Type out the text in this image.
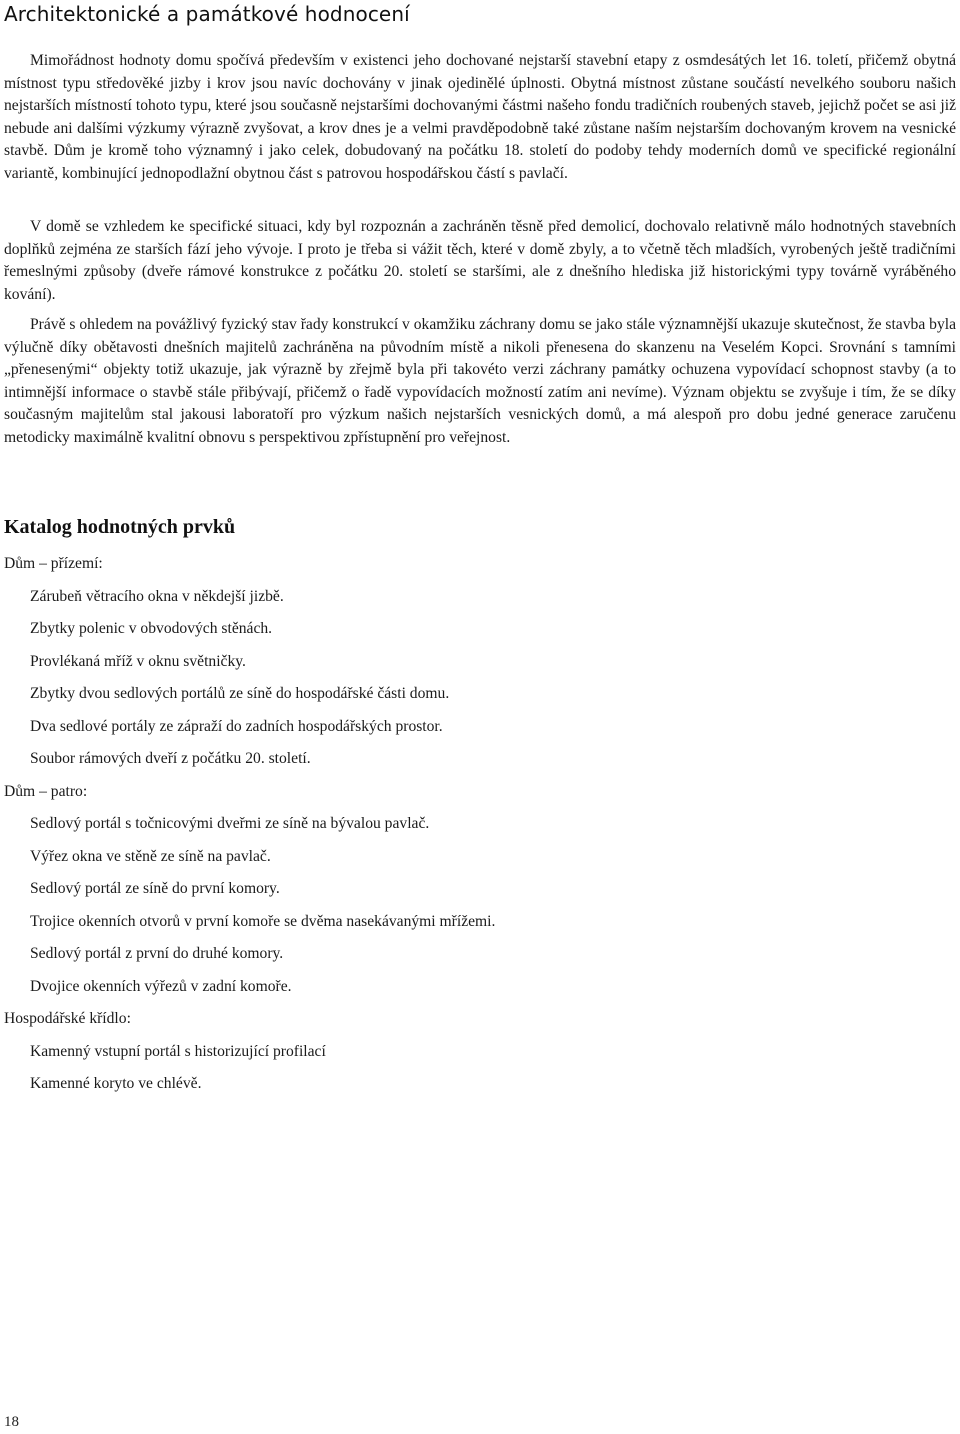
Architektonické a památkové hodnocení

Mimořádnost hodnoty domu spočívá především v existenci jeho dochované nejstarší stavební etapy z osmdesátých let 16. toletí, přičemž obytná místnost typu středověké jizby i krov jsou navíc dochovány v jinak ojedinělé úplnosti. Obytná místnost zůstane součástí nevelkého souboru našich nejstarších místností tohoto typu, které jsou současně nejstaršími dochovanými částmi našeho fondu tradičních roubených staveb, jejichž počet se asi již nebude ani dalšími výzkumy výrazně zvyšovat, a krov dnes je a velmi pravděpodobně také zůstane naším nejstarším dochovaným krovem na vesnické stavbě. Dům je kromě toho významný i jako celek, dobudovaný na počátku 18. století do podoby tehdy moderních domů ve specifické regionální variantě, kombinující jednopodlažní obytnou část s patrovou hospodářskou částí s pavlačí.

V domě se vzhledem ke specifické situaci, kdy byl rozpoznán a zachráněn těsně před demolicí, dochovalo relativně málo hodnotných stavebních doplňků zejména ze starších fází jeho vývoje. I proto je třeba si vážit těch, které v domě zbyly, a to včetně těch mladších, vyrobených ještě tradičními řemeslnými způsoby (dveře rámové konstrukce z počátku 20. století se staršími, ale z dnešního hlediska již historickými typy továrně vyráběného kování).

Právě s ohledem na povážlivý fyzický stav řady konstrukcí v okamžiku záchrany domu se jako stále významnější ukazuje skutečnost, že stavba byla výlučně díky obětavosti dnešních majitelů zachráněna na původním místě a nikoli přenesena do skanzenu na Veselém Kopci. Srovnání s tamními „přenesenými“ objekty totiž ukazuje, jak výrazně by zřejmě byla při takovéto verzi záchrany památky ochuzena vypovídací schopnost stavby (a to intimnější informace o stavbě stále přibývají, přičemž o řadě vypovídacích možností zatím ani nevíme). Význam objektu se zvyšuje i tím, že se díky současným majitelům stal jakousi laboratoří pro výzkum našich nejstarších vesnických domů, a má alespoň pro dobu jedné generace zaručenu metodicky maximálně kvalitní obnovu s perspektivou zpřístupnění pro veřejnost.

Katalog hodnotných prvků
Dům – přízemí:
Zárubeň větracího okna v někdejší jizbě.
Zbytky polenic v obvodových stěnách.
Provlékaná mříž v oknu světničky.
Zbytky dvou sedlových portálů ze síně do hospodářské části domu.
Dva sedlové portály ze zápraží do zadních hospodářských prostor.
Soubor rámových dveří z počátku 20. století.
Dům – patro:
Sedlový portál s točnicovými dveřmi ze síně na bývalou pavlač.
Výřez okna ve stěně ze síně na pavlač.
Sedlový portál ze síně do první komory.
Trojice okenních otvorů v první komoře se dvěma nasekávanými mřížemi.
Sedlový portál z první do druhé komory.
Dvojice okenních výřezů v zadní komoře.
Hospodářské křídlo:
Kamenný vstupní portál s historizující profilací
Kamenné koryto ve chlévě.
18
